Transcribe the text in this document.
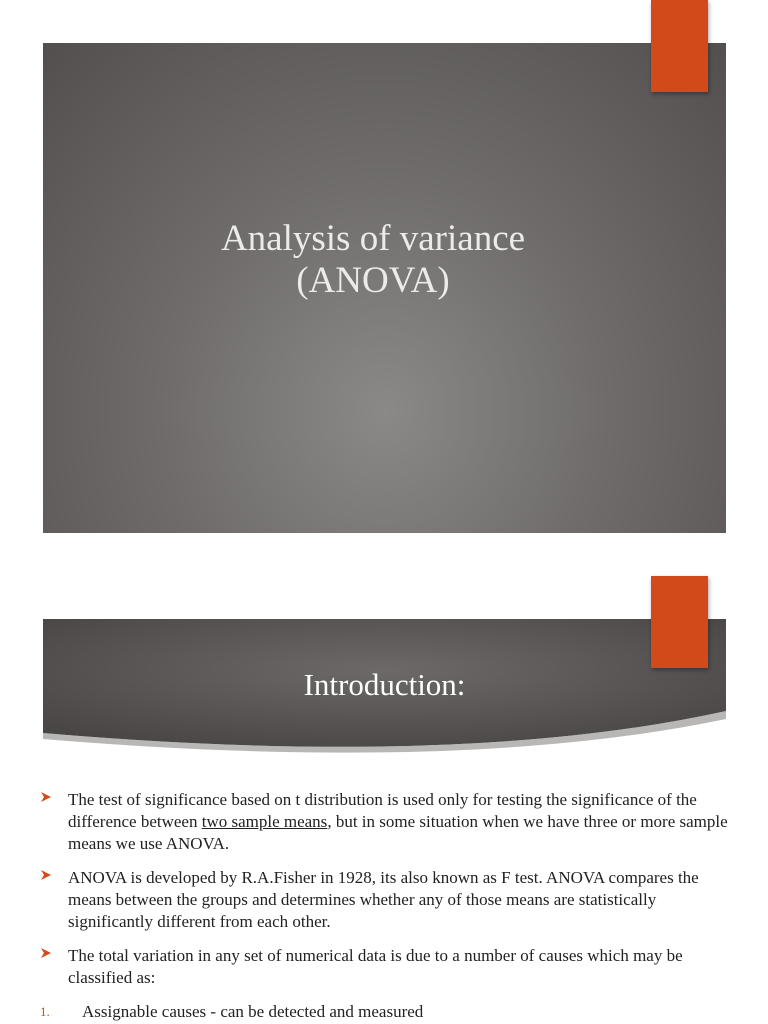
Analysis of variance
(ANOVA)
Introduction:
The test of significance based on t distribution is used only for testing the significance of the difference between two sample means, but in some situation when we have three or more sample means we use ANOVA.
ANOVA is developed by R.A.Fisher in 1928, its also known as F test. ANOVA compares the means between the groups and determines whether any of those means are statistically significantly different from each other.
The total variation in any set of numerical data is due to a number of causes which may be classified as:
1. Assignable causes - can be detected and measured
